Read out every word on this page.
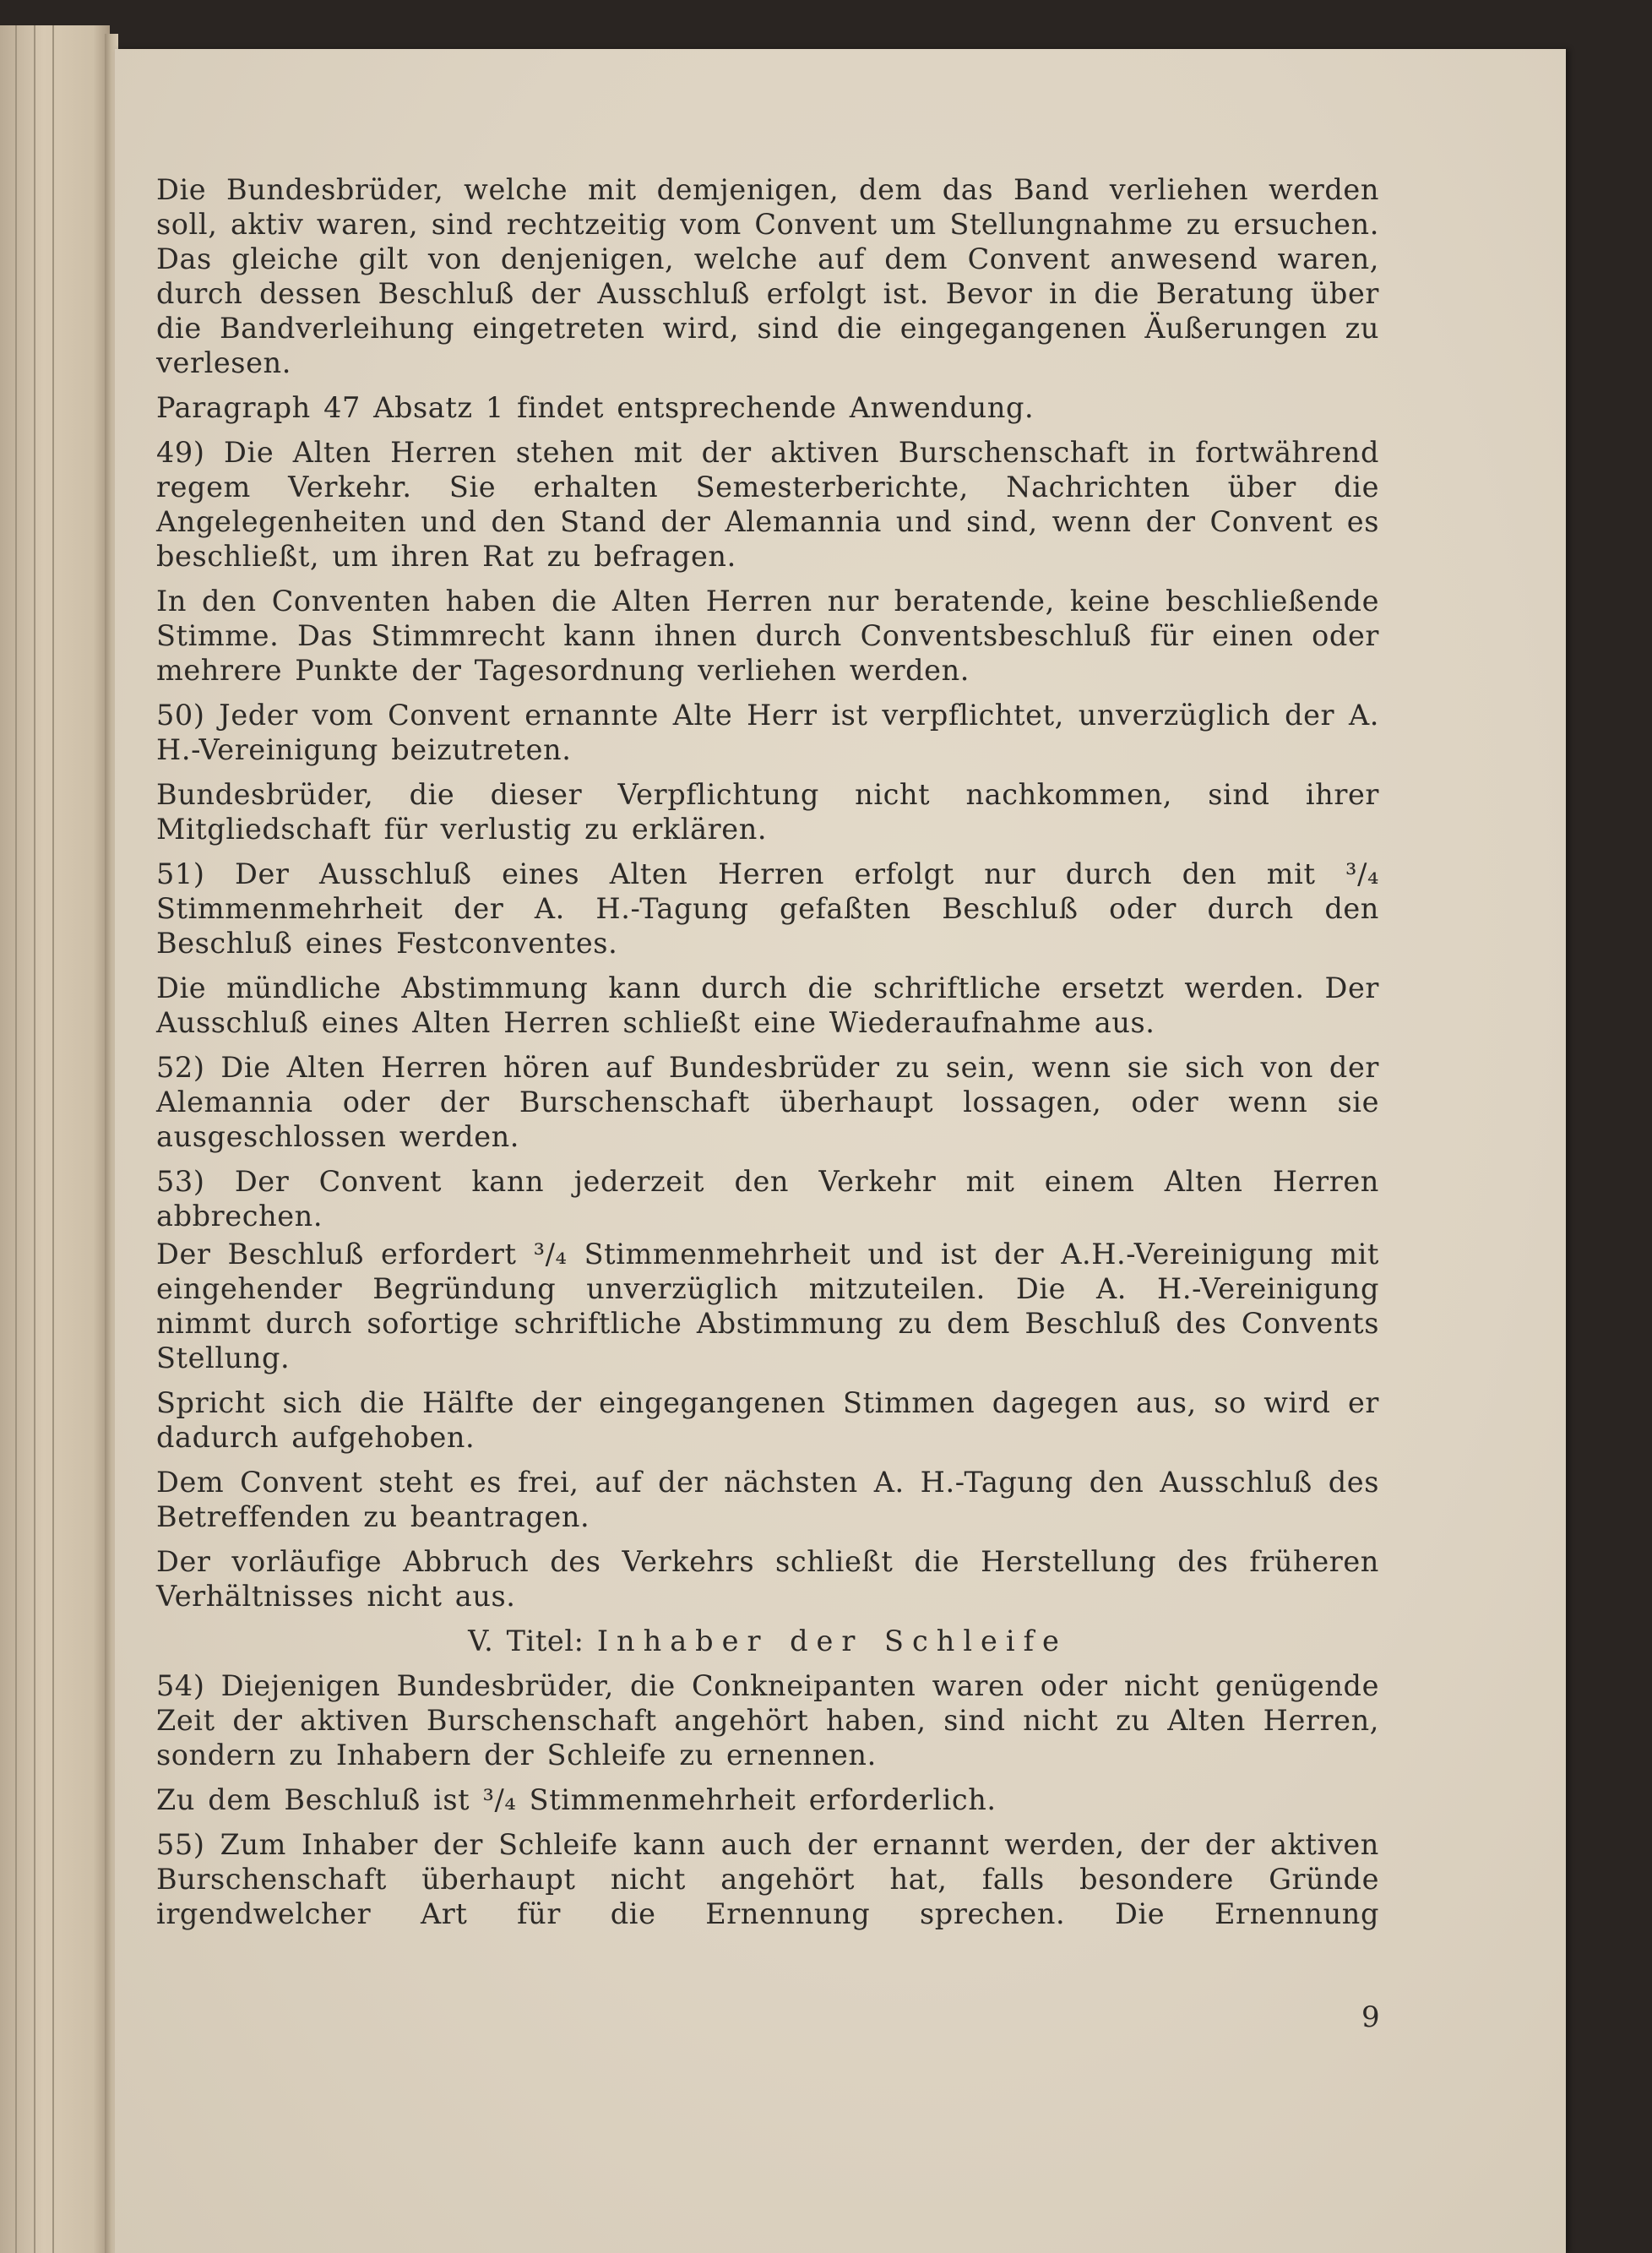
Die Bundesbrüder, welche mit demjenigen, dem das Band verliehen werden soll, aktiv waren, sind rechtzeitig vom Convent um Stellungnahme zu ersuchen. Das gleiche gilt von denjenigen, welche auf dem Convent anwesend waren, durch dessen Beschluß der Ausschluß erfolgt ist. Bevor in die Beratung über die Bandverleihung eingetreten wird, sind die eingegangenen Äußerungen zu verlesen.

Paragraph 47 Absatz 1 findet entsprechende Anwendung.

49) Die Alten Herren stehen mit der aktiven Burschenschaft in fortwährend regem Verkehr. Sie erhalten Semesterberichte, Nachrichten über die Angelegenheiten und den Stand der Alemannia und sind, wenn der Convent es beschließt, um ihren Rat zu befragen.

In den Conventen haben die Alten Herren nur beratende, keine beschließende Stimme. Das Stimmrecht kann ihnen durch Conventsbeschluß für einen oder mehrere Punkte der Tagesordnung verliehen werden.

50) Jeder vom Convent ernannte Alte Herr ist verpflichtet, unverzüglich der A. H.-Vereinigung beizutreten.

Bundesbrüder, die dieser Verpflichtung nicht nachkommen, sind ihrer Mitgliedschaft für verlustig zu erklären.

51) Der Ausschluß eines Alten Herren erfolgt nur durch den mit ³/₄ Stimmenmehrheit der A. H.-Tagung gefaßten Beschluß oder durch den Beschluß eines Festconventes.

Die mündliche Abstimmung kann durch die schriftliche ersetzt werden. Der Ausschluß eines Alten Herren schließt eine Wiederaufnahme aus.

52) Die Alten Herren hören auf Bundesbrüder zu sein, wenn sie sich von der Alemannia oder der Burschenschaft überhaupt lossagen, oder wenn sie ausgeschlossen werden.

53) Der Convent kann jederzeit den Verkehr mit einem Alten Herren abbrechen.

Der Beschluß erfordert ³/₄ Stimmenmehrheit und ist der A.H.-Vereinigung mit eingehender Begründung unverzüglich mitzuteilen. Die A. H.-Vereinigung nimmt durch sofortige schriftliche Abstimmung zu dem Beschluß des Convents Stellung.

Spricht sich die Hälfte der eingegangenen Stimmen dagegen aus, so wird er dadurch aufgehoben.

Dem Convent steht es frei, auf der nächsten A. H.-Tagung den Ausschluß des Betreffenden zu beantragen.

Der vorläufige Abbruch des Verkehrs schließt die Herstellung des früheren Verhältnisses nicht aus.

V. Titel: Inhaber der Schleife

54) Diejenigen Bundesbrüder, die Conkneipanten waren oder nicht genügende Zeit der aktiven Burschenschaft angehört haben, sind nicht zu Alten Herren, sondern zu Inhabern der Schleife zu ernennen.

Zu dem Beschluß ist ³/₄ Stimmenmehrheit erforderlich.

55) Zum Inhaber der Schleife kann auch der ernannt werden, der der aktiven Burschenschaft überhaupt nicht angehört hat, falls besondere Gründe irgendwelcher Art für die Ernennung sprechen. Die Ernennung

9
